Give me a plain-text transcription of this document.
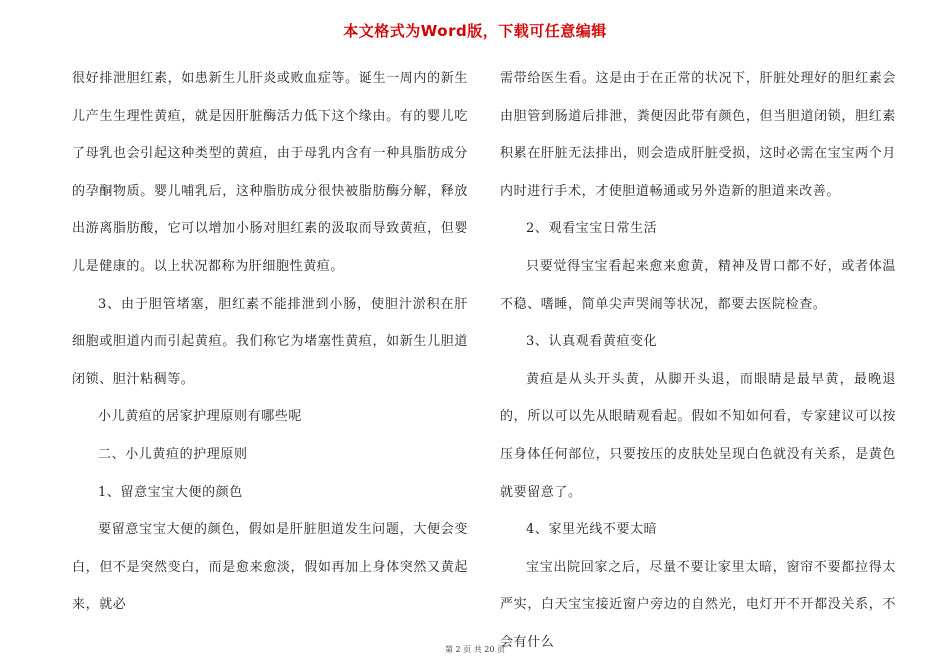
本文格式为Word版，下载可任意编辑

很好排泄胆红素，如患新生儿肝炎或败血症等。诞生一周内的新生儿产生生理性黄疸，就是因肝脏酶活力低下这个缘由。有的婴儿吃了母乳也会引起这种类型的黄疸，由于母乳内含有一种具脂肪成分的孕酮物质。婴儿哺乳后，这种脂肪成分很快被脂肪酶分解，释放出游离脂肪酸，它可以增加小肠对胆红素的汲取而导致黄疸，但婴儿是健康的。以上状况都称为肝细胞性黄疸。

3、由于胆管堵塞，胆红素不能排泄到小肠，使胆汁淤积在肝细胞或胆道内而引起黄疸。我们称它为堵塞性黄疸，如新生儿胆道闭锁、胆汁粘稠等。

小儿黄疸的居家护理原则有哪些呢

二、小儿黄疸的护理原则

1、留意宝宝大便的颜色

要留意宝宝大便的颜色，假如是肝脏胆道发生问题，大便会变白，但不是突然变白，而是愈来愈淡，假如再加上身体突然又黄起来，就必

需带给医生看。这是由于在正常的状况下，肝脏处理好的胆红素会由胆管到肠道后排泄，粪便因此带有颜色，但当胆道闭锁，胆红素积累在肝脏无法排出，则会造成肝脏受损，这时必需在宝宝两个月内时进行手术，才使胆道畅通或另外造新的胆道来改善。

2、观看宝宝日常生活

只要觉得宝宝看起来愈来愈黄，精神及胃口都不好，或者体温不稳、嗜睡，简单尖声哭闹等状况，都要去医院检查。

3、认真观看黄疸变化

黄疸是从头开头黄，从脚开头退，而眼睛是最早黄，最晚退的，所以可以先从眼睛观看起。假如不知如何看，专家建议可以按压身体任何部位，只要按压的皮肤处呈现白色就没有关系，是黄色就要留意了。

4、家里光线不要太暗

宝宝出院回家之后，尽量不要让家里太暗，窗帘不要都拉得太严实，白天宝宝接近窗户旁边的自然光，电灯开不开都没关系，不会有什么

第 2 页 共 20 页
